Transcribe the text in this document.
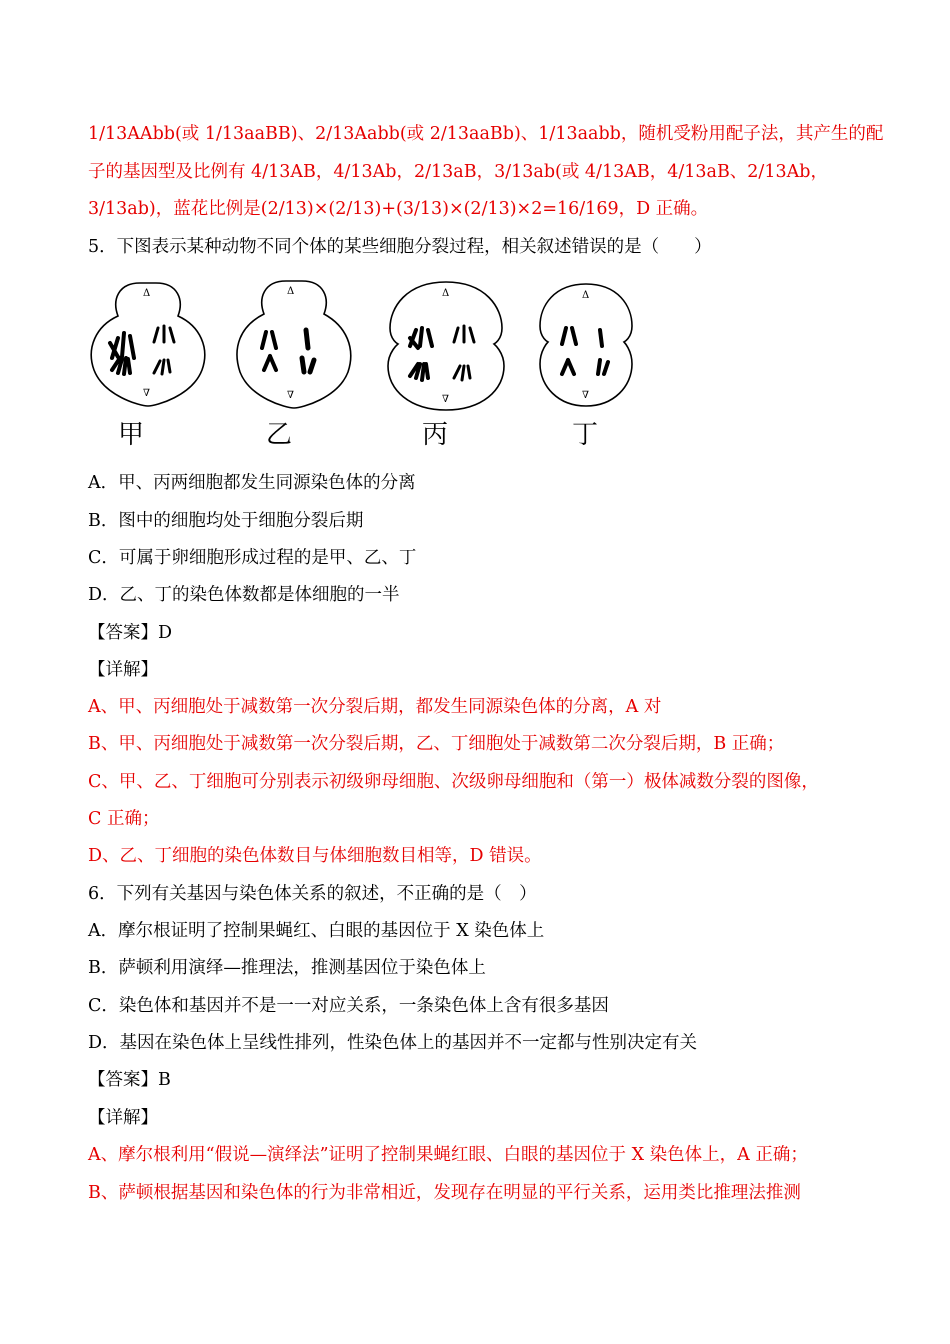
1/13AAbb(或 1/13aaBB)、2/13Aabb(或 2/13aaBb)、1/13aabb，随机受粉用配子法，其产生的配
子的基因型及比例有 4/13AB，4/13Ab，2/13aB，3/13ab(或 4/13AB，4/13aB、2/13Ab，
3/13ab)，蓝花比例是(2/13)×(2/13)+(3/13)×(2/13)×2=16/169，D 正确。
5．下图表示某种动物不同个体的某些细胞分裂过程，相关叙述错误的是（　　）
Δ
∇
甲
Δ
∇
乙
Δ
∇
丙
Δ
∇
丁
A．甲、丙两细胞都发生同源染色体的分离
B．图中的细胞均处于细胞分裂后期
C．可属于卵细胞形成过程的是甲、乙、丁
D．乙、丁的染色体数都是体细胞的一半
【答案】D
【详解】
A、甲、丙细胞处于减数第一次分裂后期，都发生同源染色体的分离，A 对
B、甲、丙细胞处于减数第一次分裂后期，乙、丁细胞处于减数第二次分裂后期，B 正确；
C、甲、乙、丁细胞可分别表示初级卵母细胞、次级卵母细胞和（第一）极体减数分裂的图像，
C 正确；
D、乙、丁细胞的染色体数目与体细胞数目相等，D 错误。
6．下列有关基因与染色体关系的叙述，不正确的是（　）
A．摩尔根证明了控制果蝇红、白眼的基因位于 X 染色体上
B．萨顿利用演绎—推理法，推测基因位于染色体上
C．染色体和基因并不是一一对应关系，一条染色体上含有很多基因
D．基因在染色体上呈线性排列，性染色体上的基因并不一定都与性别决定有关
【答案】B
【详解】
A、摩尔根利用“假说—演绎法”证明了控制果蝇红眼、白眼的基因位于 X 染色体上，A 正确；
B、萨顿根据基因和染色体的行为非常相近，发现存在明显的平行关系，运用类比推理法推测
